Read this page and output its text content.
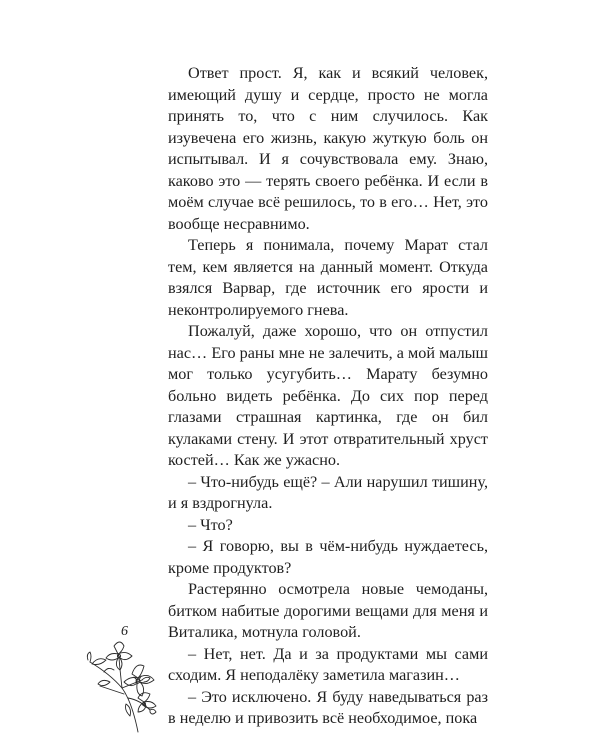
Ответ прост. Я, как и всякий человек, имеющий душу и сердце, просто не могла принять то, что с ним случилось. Как изувечена его жизнь, какую жуткую боль он испытывал. И я сочувствовала ему. Знаю, каково это — терять своего ребёнка. И если в моём случае всё решилось, то в его… Нет, это вообще несравнимо.

Теперь я понимала, почему Марат стал тем, кем является на данный момент. Откуда взялся Варвар, где источник его ярости и неконтролируемого гнева.

Пожалуй, даже хорошо, что он отпустил нас… Его раны мне не залечить, а мой малыш мог только усугубить… Марату безумно больно видеть ребёнка. До сих пор перед глазами страшная картинка, где он бил кулаками стену. И этот отвратительный хруст костей… Как же ужасно.

– Что-нибудь ещё? – Али нарушил тишину, и я вздрогнула.

– Что?

– Я говорю, вы в чём-нибудь нуждаетесь, кроме продуктов?

Растерянно осмотрела новые чемоданы, битком набитые дорогими вещами для меня и Виталика, мотнула головой.

– Нет, нет. Да и за продуктами мы сами сходим. Я неподалёку заметила магазин…

– Это исключено. Я буду наведываться раз в неделю и привозить всё необходимое, пока

6
